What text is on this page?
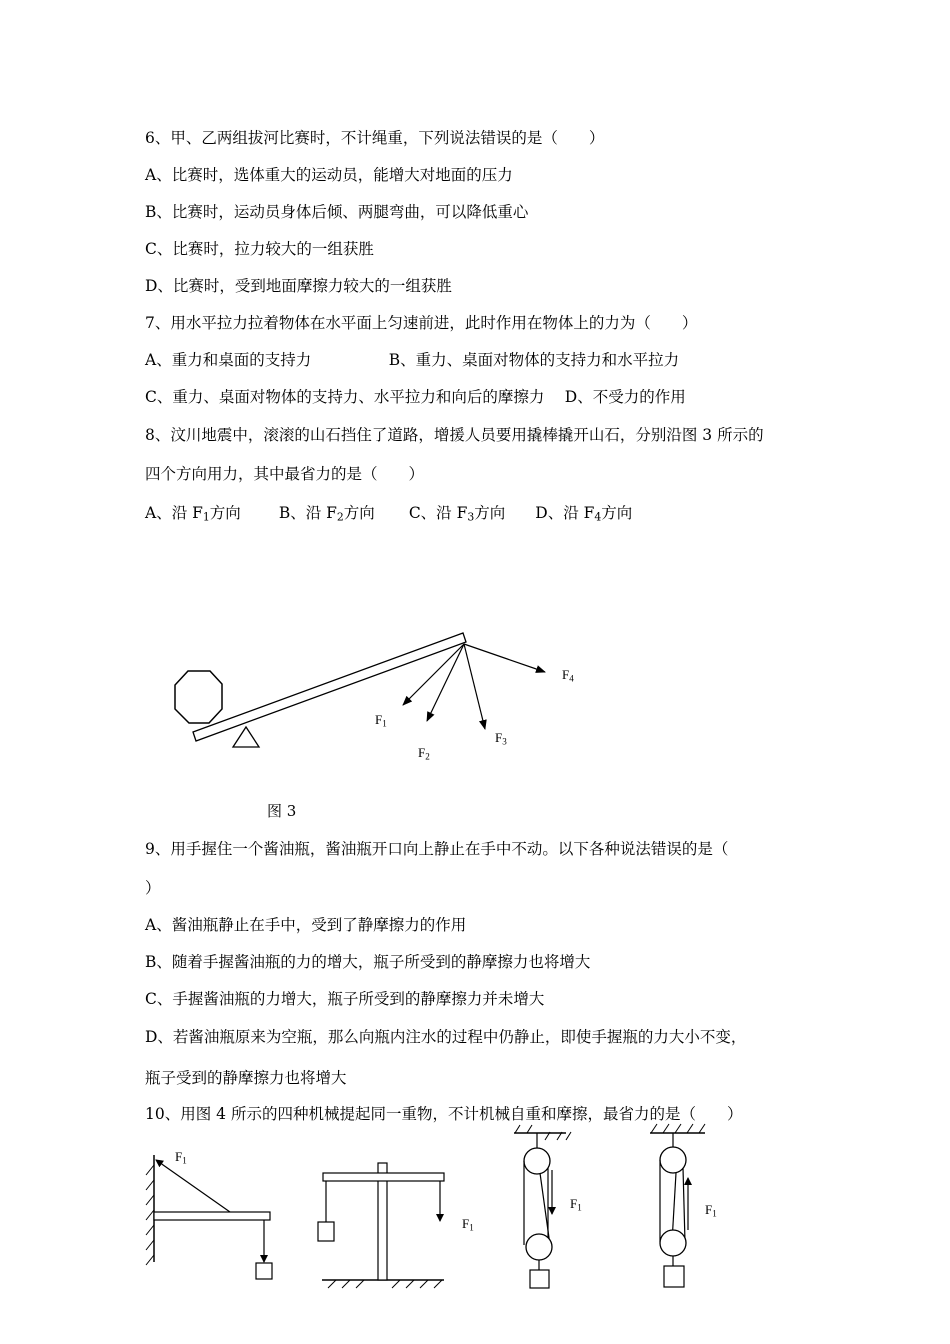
6、甲、乙两组拔河比赛时，不计绳重，下列说法错误的是（　　）
A、比赛时，选体重大的运动员，能增大对地面的压力
B、比赛时，运动员身体后倾、两腿弯曲，可以降低重心
C、比赛时，拉力较大的一组获胜
D、比赛时，受到地面摩擦力较大的一组获胜
7、用水平拉力拉着物体在水平面上匀速前进，此时作用在物体上的力为（　　）
A、重力和桌面的支持力　　　　　B、重力、桌面对物体的支持力和水平拉力
C、重力、桌面对物体的支持力、水平拉力和向后的摩擦力　 D、不受力的作用
8、汶川地震中，滚滚的山石挡住了道路，增援人员要用撬棒撬开山石，分别沿图 3 所示的
四个方向用力，其中最省力的是（　　）
A、沿 $F_1$方向 B、沿 $F_2$方向 C、沿 $F_3$方向 D、沿 $F_4$方向
$F_1$
$F_2$
$F_3$
$F_4$
图 3
9、用手握住一个酱油瓶，酱油瓶开口向上静止在手中不动。以下各种说法错误的是（
）
A、酱油瓶静止在手中，受到了静摩擦力的作用
B、随着手握酱油瓶的力的增大，瓶子所受到的静摩擦力也将增大
C、手握酱油瓶的力增大，瓶子所受到的静摩擦力并未增大
D、若酱油瓶原来为空瓶，那么向瓶内注水的过程中仍静止，即使手握瓶的力大小不变，
瓶子受到的静摩擦力也将增大
10、用图 4 所示的四种机械提起同一重物，不计机械自重和摩擦，最省力的是（　　）
$F_1$
$F_1$
$F_1$	$F_1$
